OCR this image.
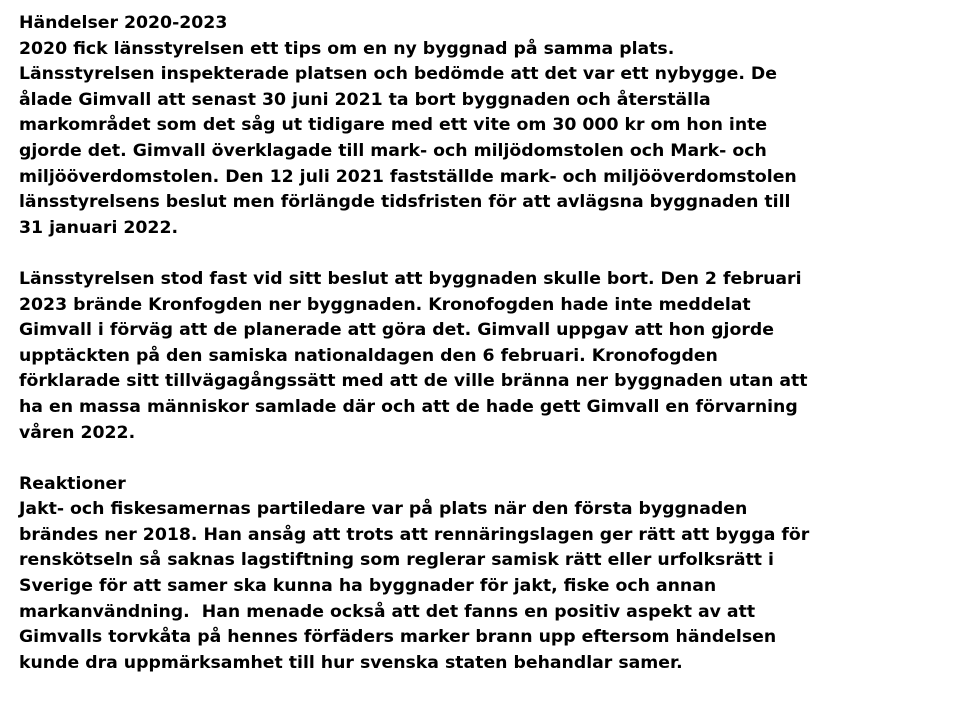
Händelser 2020-2023
2020 fick länsstyrelsen ett tips om en ny byggnad på samma plats.
Länsstyrelsen inspekterade platsen och bedömde att det var ett nybygge. De
ålade Gimvall att senast 30 juni 2021 ta bort byggnaden och återställa
markområdet som det såg ut tidigare med ett vite om 30 000 kr om hon inte
gjorde det. Gimvall överklagade till mark- och miljödomstolen och Mark- och
miljööverdomstolen. Den 12 juli 2021 fastställde mark- och miljööverdomstolen
länsstyrelsens beslut men förlängde tidsfristen för att avlägsna byggnaden till
31 januari 2022.
Länsstyrelsen stod fast vid sitt beslut att byggnaden skulle bort. Den 2 februari
2023 brände Kronfogden ner byggnaden. Kronofogden hade inte meddelat
Gimvall i förväg att de planerade att göra det. Gimvall uppgav att hon gjorde
upptäckten på den samiska nationaldagen den 6 februari. Kronofogden
förklarade sitt tillvägagångssätt med att de ville bränna ner byggnaden utan att
ha en massa människor samlade där och att de hade gett Gimvall en förvarning
våren 2022.
Reaktioner
Jakt- och fiskesamernas partiledare var på plats när den första byggnaden
brändes ner 2018. Han ansåg att trots att rennäringslagen ger rätt att bygga för
renskötseln så saknas lagstiftning som reglerar samisk rätt eller urfolksrätt i
Sverige för att samer ska kunna ha byggnader för jakt, fiske och annan
markanvändning.  Han menade också att det fanns en positiv aspekt av att
Gimvalls torvkåta på hennes förfäders marker brann upp eftersom händelsen
kunde dra uppmärksamhet till hur svenska staten behandlar samer.
